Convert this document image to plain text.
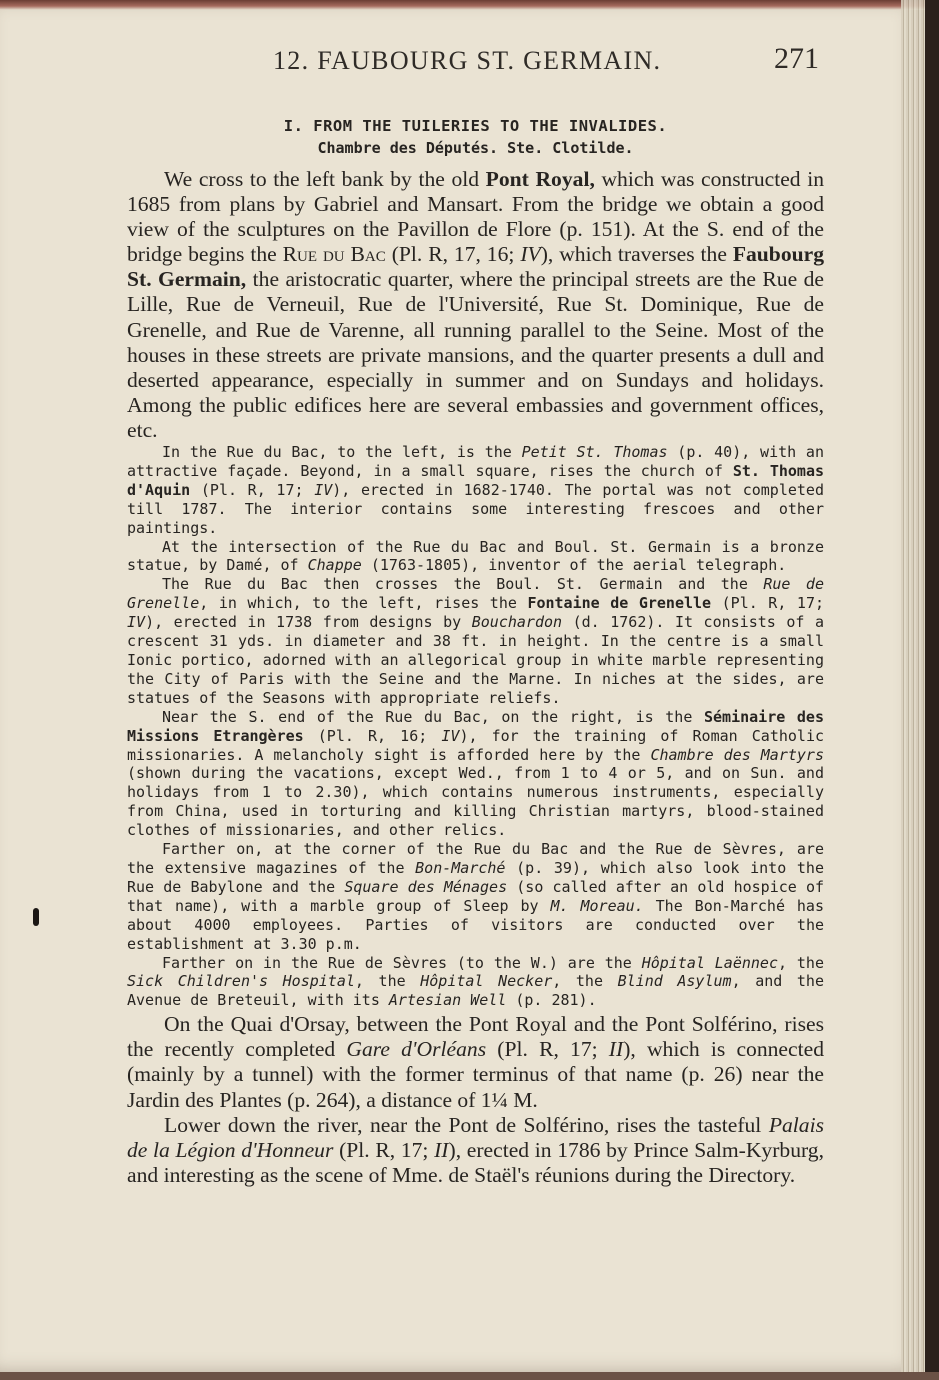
12. FAUBOURG ST. GERMAIN.	271

I. FROM THE TUILERIES TO THE INVALIDES.

Chambre des Députés. Ste. Clotilde.

We cross to the left bank by the old Pont Royal, which was constructed in 1685 from plans by Gabriel and Mansart. From the bridge we obtain a good view of the sculptures on the Pavillon de Flore (p. 151). At the S. end of the bridge begins the Rue du Bac (Pl. R, 17, 16; IV), which traverses the Faubourg St. Germain, the aristocratic quarter, where the principal streets are the Rue de Lille, Rue de Verneuil, Rue de l'Université, Rue St. Dominique, Rue de Grenelle, and Rue de Varenne, all running parallel to the Seine. Most of the houses in these streets are private mansions, and the quarter presents a dull and deserted appearance, especially in summer and on Sundays and holidays. Among the public edifices here are several embassies and government offices, etc.

In the Rue du Bac, to the left, is the Petit St. Thomas (p. 40), with an attractive façade. Beyond, in a small square, rises the church of St. Thomas d'Aquin (Pl. R, 17; IV), erected in 1682-1740. The portal was not completed till 1787. The interior contains some interesting frescoes and other paintings.

At the intersection of the Rue du Bac and Boul. St. Germain is a bronze statue, by Damé, of Chappe (1763-1805), inventor of the aerial telegraph.

The Rue du Bac then crosses the Boul. St. Germain and the Rue de Grenelle, in which, to the left, rises the Fontaine de Grenelle (Pl. R, 17; IV), erected in 1738 from designs by Bouchardon (d. 1762). It consists of a crescent 31 yds. in diameter and 38 ft. in height. In the centre is a small Ionic portico, adorned with an allegorical group in white marble representing the City of Paris with the Seine and the Marne. In niches at the sides, are statues of the Seasons with appropriate reliefs.

Near the S. end of the Rue du Bac, on the right, is the Séminaire des Missions Etrangères (Pl. R, 16; IV), for the training of Roman Catholic missionaries. A melancholy sight is afforded here by the Chambre des Martyrs (shown during the vacations, except Wed., from 1 to 4 or 5, and on Sun. and holidays from 1 to 2.30), which contains numerous instruments, especially from China, used in torturing and killing Christian martyrs, blood-stained clothes of missionaries, and other relics.

Farther on, at the corner of the Rue du Bac and the Rue de Sèvres, are the extensive magazines of the Bon-Marché (p. 39), which also look into the Rue de Babylone and the Square des Ménages (so called after an old hospice of that name), with a marble group of Sleep by M. Moreau. The Bon-Marché has about 4000 employees. Parties of visitors are conducted over the establishment at 3.30 p.m.

Farther on in the Rue de Sèvres (to the W.) are the Hôpital Laënnec, the Sick Children's Hospital, the Hôpital Necker, the Blind Asylum, and the Avenue de Breteuil, with its Artesian Well (p. 281).

On the Quai d'Orsay, between the Pont Royal and the Pont Solférino, rises the recently completed Gare d'Orléans (Pl. R, 17; II), which is connected (mainly by a tunnel) with the former terminus of that name (p. 26) near the Jardin des Plantes (p. 264), a distance of 1¼ M.

Lower down the river, near the Pont de Solférino, rises the tasteful Palais de la Légion d'Honneur (Pl. R, 17; II), erected in 1786 by Prince Salm-Kyrburg, and interesting as the scene of Mme. de Staël's réunions during the Directory.
